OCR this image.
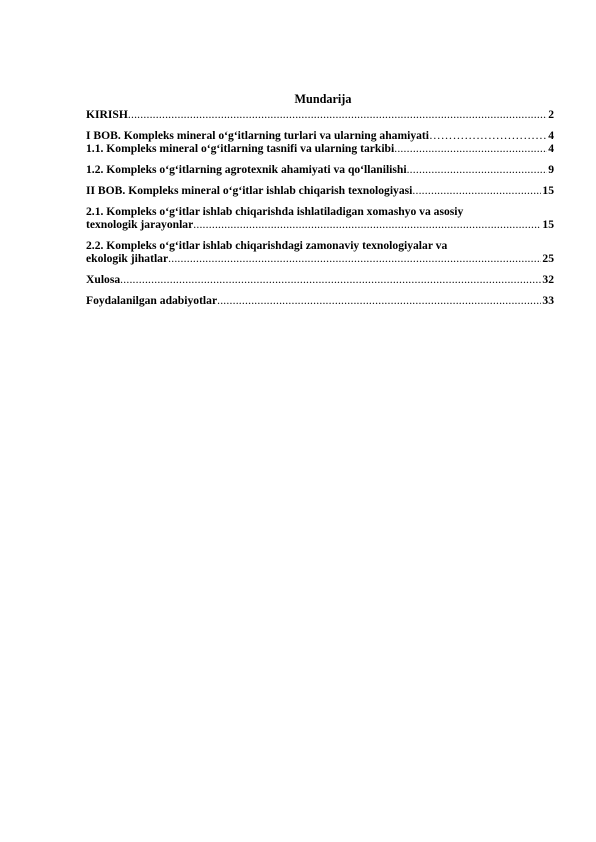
Mundarija
KIRISH .....	2
I BOB. Kompleks mineral o‘g‘itlarning turlari va ularning ahamiyati ………………………………………………………………………	4
1.1. Kompleks mineral o‘g‘itlarning tasnifi va ularning tarkibi .....	4
1.2. Kompleks o‘g‘itlarning agrotexnik ahamiyati va qo‘llanilishi .....	9
II BOB. Kompleks mineral o‘g‘itlar ishlab chiqarish texnologiyasi .....	15
2.1. Kompleks o‘g‘itlar ishlab chiqarishda ishlatiladigan xomashyo va asosiy
texnologik jarayonlar .....	15
2.2. Kompleks o‘g‘itlar ishlab chiqarishdagi zamonaviy texnologiyalar va
ekologik jihatlar .....	25
Xulosa .....	32
Foydalanilgan adabiyotlar .....	33
